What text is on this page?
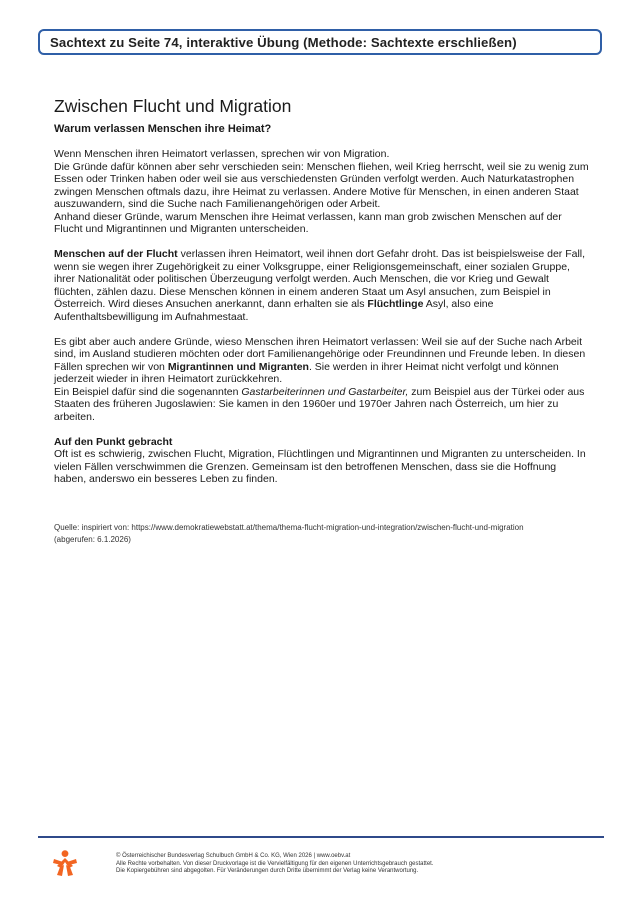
Sachtext zu Seite 74, interaktive Übung (Methode: Sachtexte erschließen)
Zwischen Flucht und Migration

Warum verlassen Menschen ihre Heimat?

Wenn Menschen ihren Heimatort verlassen, sprechen wir von Migration.
Die Gründe dafür können aber sehr verschieden sein: Menschen fliehen, weil Krieg herrscht, weil sie zu wenig zum
Essen oder Trinken haben oder weil sie aus verschiedensten Gründen verfolgt werden. Auch Naturkatastrophen
zwingen Menschen oftmals dazu, ihre Heimat zu verlassen. Andere Motive für Menschen, in einen anderen Staat
auszuwandern, sind die Suche nach Familienangehörigen oder Arbeit.
Anhand dieser Gründe, warum Menschen ihre Heimat verlassen, kann man grob zwischen Menschen auf der
Flucht und Migrantinnen und Migranten unterscheiden.

Menschen auf der Flucht verlassen ihren Heimatort, weil ihnen dort Gefahr droht. Das ist beispielsweise der Fall,
wenn sie wegen ihrer Zugehörigkeit zu einer Volksgruppe, einer Religionsgemeinschaft, einer sozialen Gruppe,
ihrer Nationalität oder politischen Überzeugung verfolgt werden. Auch Menschen, die vor Krieg und Gewalt
flüchten, zählen dazu. Diese Menschen können in einem anderen Staat um Asyl ansuchen, zum Beispiel in
Österreich. Wird dieses Ansuchen anerkannt, dann erhalten sie als Flüchtlinge Asyl, also eine
Aufenthaltsbewilligung im Aufnahmestaat.

Es gibt aber auch andere Gründe, wieso Menschen ihren Heimatort verlassen: Weil sie auf der Suche nach Arbeit
sind, im Ausland studieren möchten oder dort Familienangehörige oder Freundinnen und Freunde leben. In diesen
Fällen sprechen wir von Migrantinnen und Migranten. Sie werden in ihrer Heimat nicht verfolgt und können
jederzeit wieder in ihren Heimatort zurückkehren.
Ein Beispiel dafür sind die sogenannten Gastarbeiterinnen und Gastarbeiter, zum Beispiel aus der Türkei oder aus
Staaten des früheren Jugoslawien: Sie kamen in den 1960er und 1970er Jahren nach Österreich, um hier zu
arbeiten.

Auf den Punkt gebracht
Oft ist es schwierig, zwischen Flucht, Migration, Flüchtlingen und Migrantinnen und Migranten zu unterscheiden. In
vielen Fällen verschwimmen die Grenzen. Gemeinsam ist den betroffenen Menschen, dass sie die Hoffnung
haben, anderswo ein besseres Leben zu finden.

Quelle: inspiriert von: https://www.demokratiewebstatt.at/thema/thema-flucht-migration-und-integration/zwischen-flucht-und-migration
(abgerufen: 6.1.2026)

© Österreichischer Bundesverlag Schulbuch GmbH & Co. KG, Wien 2026 | www.oebv.at
Alle Rechte vorbehalten. Von dieser Druckvorlage ist die Vervielfältigung für den eigenen Unterrichtsgebrauch gestattet.
Die Kopiergebühren sind abgegolten. Für Veränderungen durch Dritte übernimmt der Verlag keine Verantwortung.
